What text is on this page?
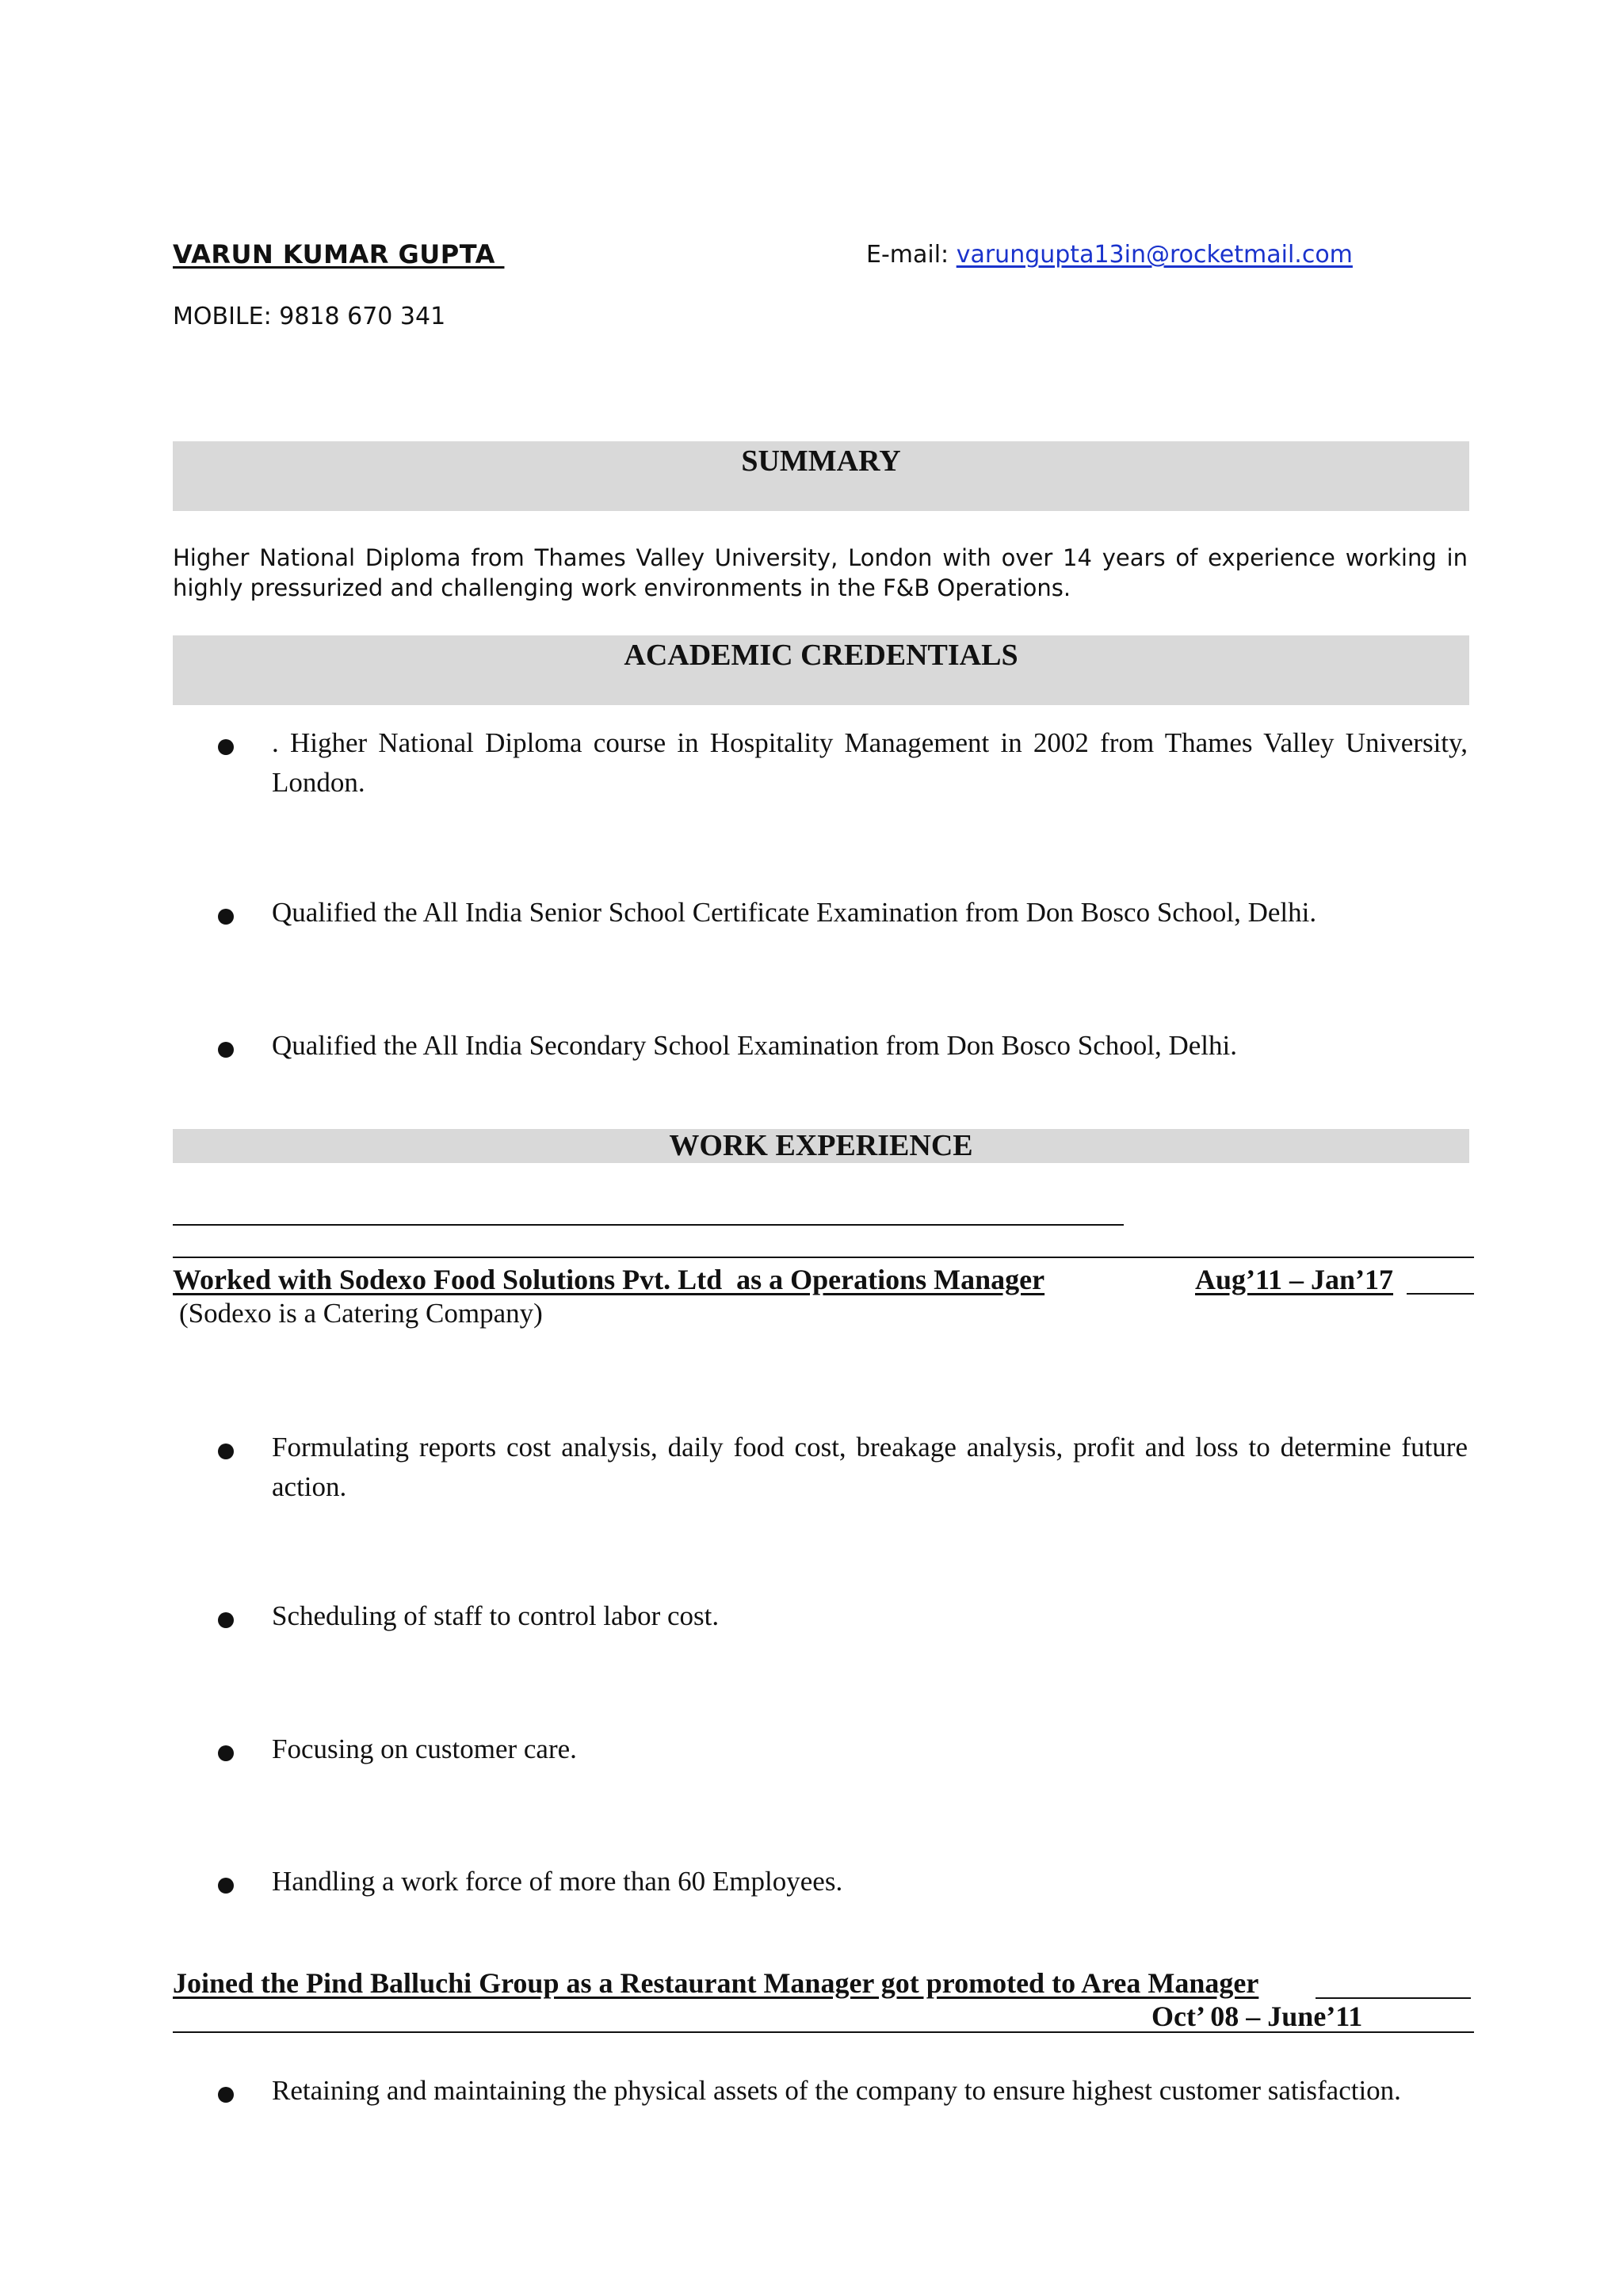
VARUN KUMAR GUPTA	E-mail: varungupta13in@rocketmail.com
MOBILE: 9818 670 341
SUMMARY
Higher National Diploma from Thames Valley University, London with over 14 years of experience working in highly pressurized and challenging work environments in the F&B Operations.
ACADEMIC CREDENTIALS
. Higher National Diploma course in Hospitality Management in 2002 from Thames Valley University, London.
Qualified the All India Senior School Certificate Examination from Don Bosco School, Delhi.
Qualified the All India Secondary School Examination from Don Bosco School, Delhi.
WORK EXPERIENCE
Worked with Sodexo Food Solutions Pvt. Ltd  as a Operations Manager	Aug’11 – Jan’17
(Sodexo is a Catering Company)
Formulating reports cost analysis, daily food cost, breakage analysis, profit and loss to determine future action.
Scheduling of staff to control labor cost.
Focusing on customer care.
Handling a work force of more than 60 Employees.
Joined the Pind Balluchi Group as a Restaurant Manager got promoted to Area Manager
Oct’ 08 – June’11
Retaining and maintaining the physical assets of the company to ensure highest customer satisfaction.
